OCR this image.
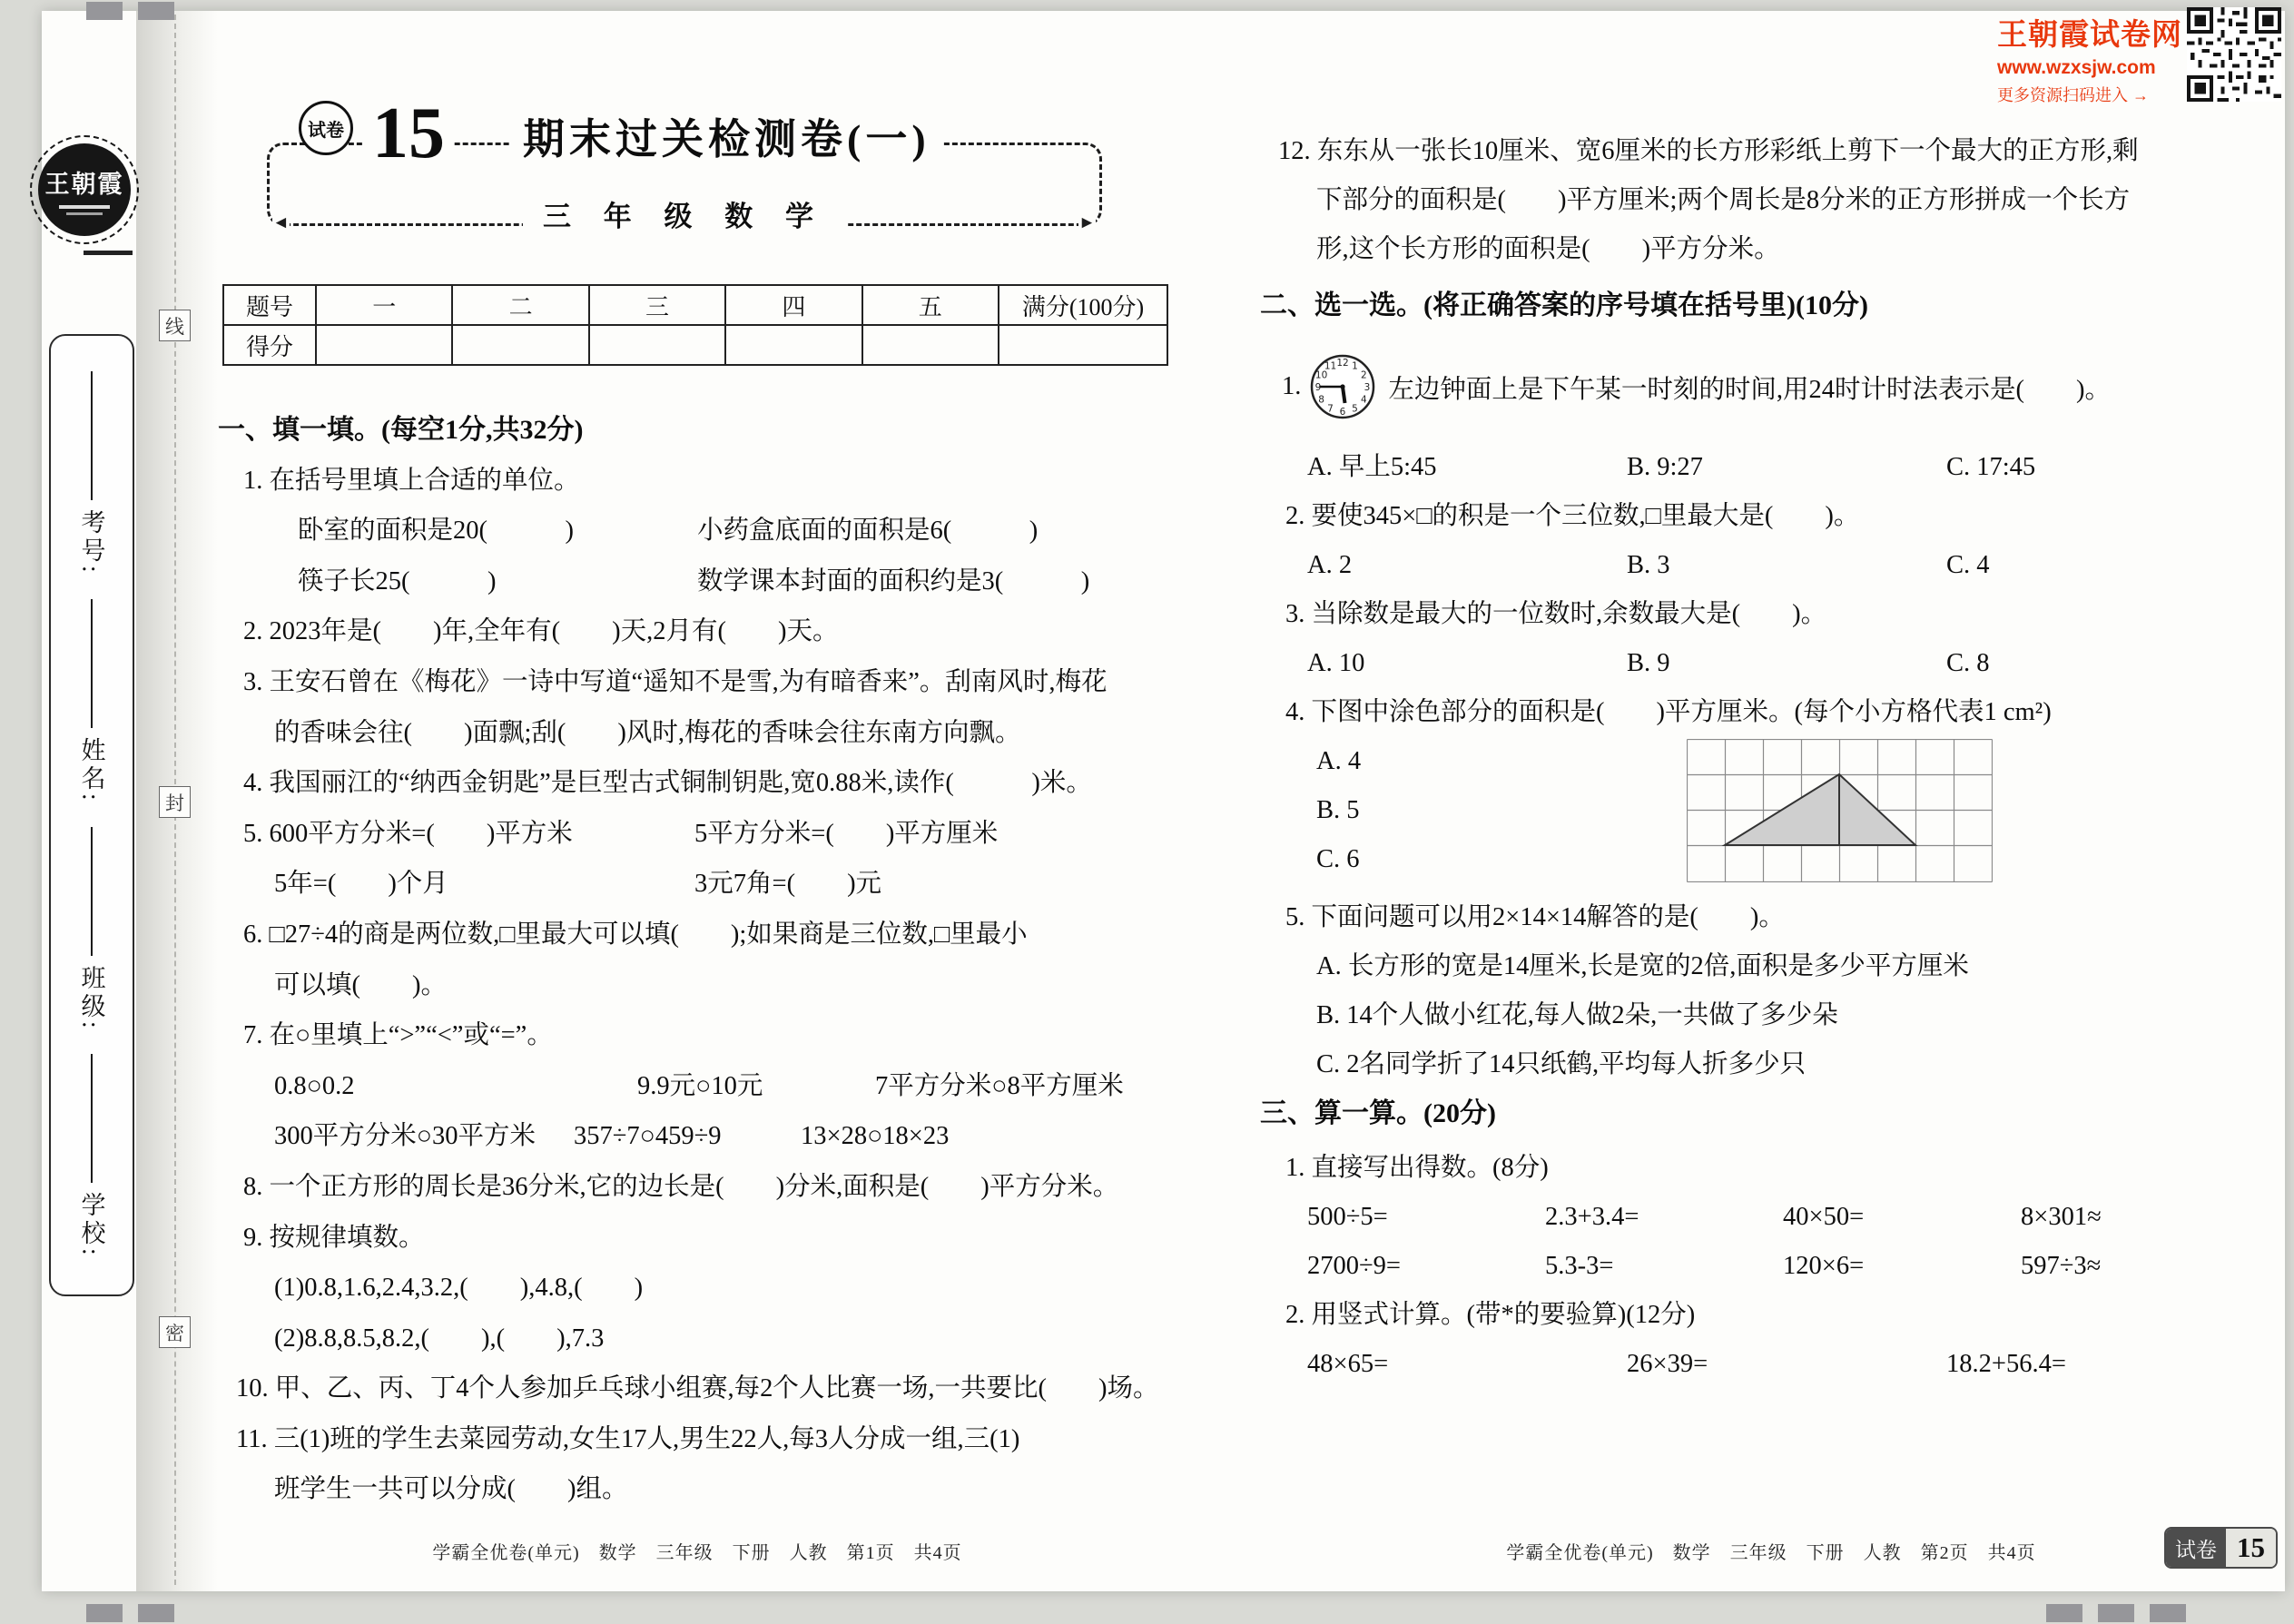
王朝霞
考号:
姓名:
班级:
学校:
线
封
密
王朝霞试卷网
www.wzxsjw.com
更多资源扫码进入 →
◄	►
试卷 15	期末过关检测卷(一)
三 年 级 数 学
题号	一	二	三	四	五	满分(100分)
得分						
一、填一填。(每空1分,共32分)
1. 在括号里填上合适的单位。
卧室的面积是20(　　　)	小药盒底面的面积是6(　　　)
筷子长25(　　　)	数学课本封面的面积约是3(　　　)
2. 2023年是(　　)年,全年有(　　)天,2月有(　　)天。
3. 王安石曾在《梅花》一诗中写道“遥知不是雪,为有暗香来”。刮南风时,梅花
的香味会往(　　)面飘;刮(　　)风时,梅花的香味会往东南方向飘。
4. 我国丽江的“纳西金钥匙”是巨型古式铜制钥匙,宽0.88米,读作(　　　)米。
5. 600平方分米=(　　)平方米	5平方分米=(　　)平方厘米
5年=(　　)个月	3元7角=(　　)元
6. □27÷4的商是两位数,□里最大可以填(　　);如果商是三位数,□里最小
可以填(　　)。
7. 在○里填上“>”“<”或“=”。
0.8○0.2	9.9元○10元	7平方分米○8平方厘米
300平方分米○30平方米	357÷7○459÷9	13×28○18×23
8. 一个正方形的周长是36分米,它的边长是(　　)分米,面积是(　　)平方分米。
9. 按规律填数。
(1)0.8,1.6,2.4,3.2,(　　),4.8,(　　)
(2)8.8,8.5,8.2,(　　),(　　),7.3
10. 甲、乙、丙、丁4个人参加乒乓球小组赛,每2个人比赛一场,一共要比(　　)场。
11. 三(1)班的学生去菜园劳动,女生17人,男生22人,每3人分成一组,三(1)
班学生一共可以分成(　　)组。
12. 东东从一张长10厘米、宽6厘米的长方形彩纸上剪下一个最大的正方形,剩
下部分的面积是(　　)平方厘米;两个周长是8分米的正方形拼成一个长方
形,这个长方形的面积是(　　)平方分米。
二、选一选。(将正确答案的序号填在括号里)(10分)
1.
12 1
2
3
4
5
6
7
8
9
10
11
左边钟面上是下午某一时刻的时间,用24时计时法表示是(　　)。
A. 早上5:45	B. 9:27	C. 17:45
2. 要使345×□的积是一个三位数,□里最大是(　　)。
A. 2	B. 3	C. 4
3. 当除数是最大的一位数时,余数最大是(　　)。
A. 10	B. 9	C. 8
4. 下图中涂色部分的面积是(　　)平方厘米。(每个小方格代表1 cm²)
A. 4
B. 5
C. 6
5. 下面问题可以用2×14×14解答的是(　　)。
A. 长方形的宽是14厘米,长是宽的2倍,面积是多少平方厘米
B. 14个人做小红花,每人做2朵,一共做了多少朵
C. 2名同学折了14只纸鹤,平均每人折多少只
三、算一算。(20分)
1. 直接写出得数。(8分)
500÷5=	2.3+3.4=	40×50=	8×301≈
2700÷9=	5.3-3=	120×6=	597÷3≈
2. 用竖式计算。(带*的要验算)(12分)
48×65=	26×39=	18.2+56.4=
学霸全优卷(单元)　数学　三年级　下册　人教　第1页　共4页	学霸全优卷(单元)　数学　三年级　下册　人教　第2页　共4页	试卷 15
